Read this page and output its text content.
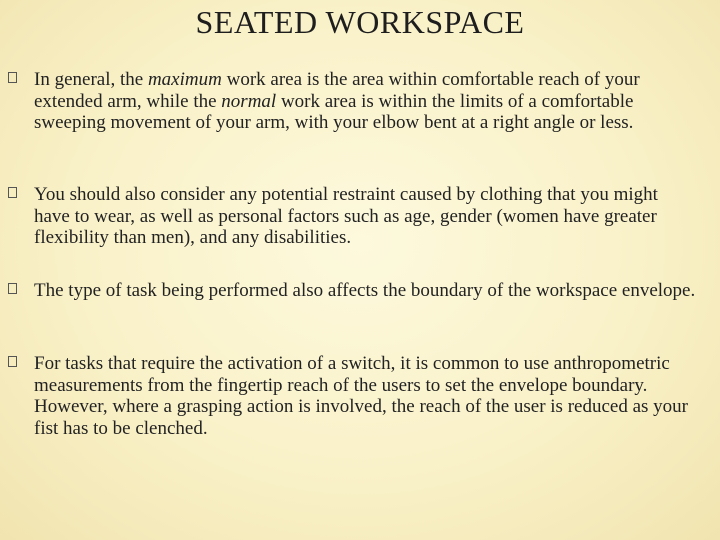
SEATED WORKSPACE
In general, the maximum work area is the area within comfortable reach of your extended arm, while the normal work area is within the limits of a comfortable sweeping movement of your arm, with your elbow bent at a right angle or less.
You should also consider any potential restraint caused by clothing that you might have to wear, as well as personal factors such as age, gender (women have greater flexibility than men), and any disabilities.
The type of task being performed also affects the boundary of the workspace envelope.
For tasks that require the activation of a switch, it is common to use anthropometric measurements from the fingertip reach of the users to set the envelope boundary. However, where a grasping action is involved, the reach of the user is reduced as your fist has to be clenched.
